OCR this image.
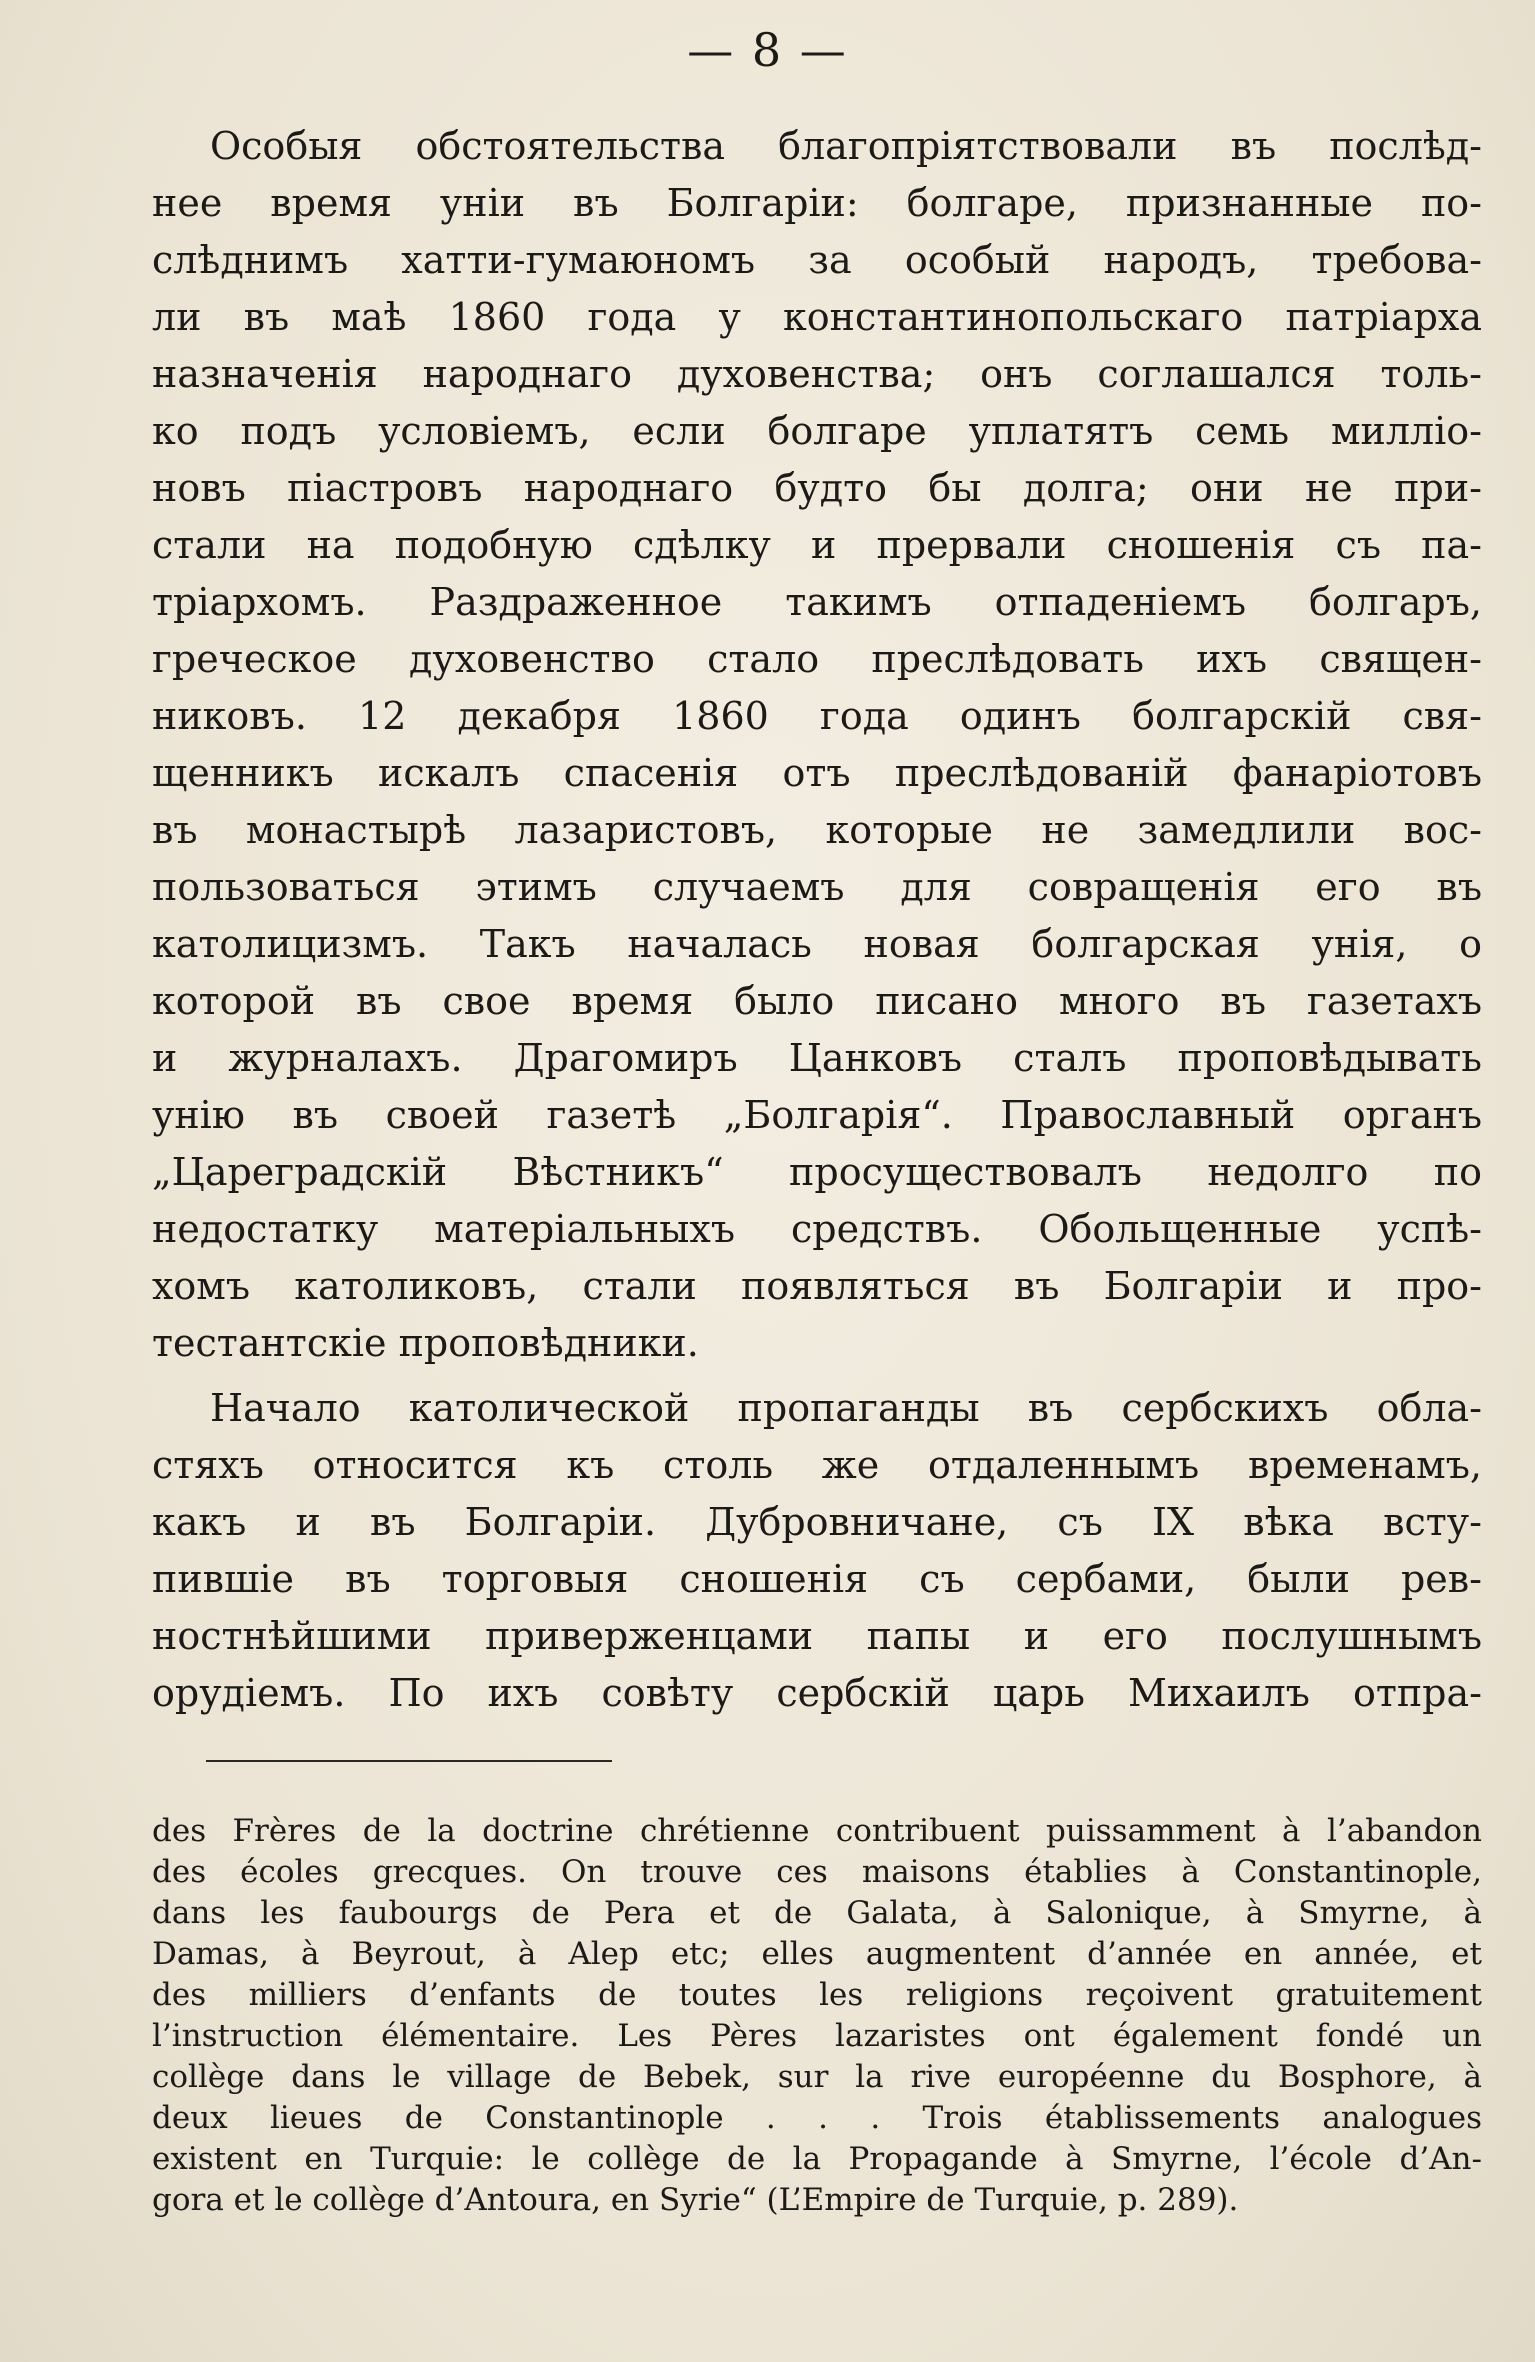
— 8 —
Особыя обстоятельства благопріятствовали въ послѣд-
нее время уніи въ Болгаріи: болгаре, признанные по-
слѣднимъ хатти-гумаюномъ за особый народъ, требова-
ли въ маѣ 1860 года у константинопольскаго патріарха
назначенія народнаго духовенства; онъ соглашался толь-
ко подъ условіемъ, если болгаре уплатятъ семь милліо-
новъ піастровъ народнаго будто бы долга; они не при-
стали на подобную сдѣлку и прервали сношенія съ па-
тріархомъ. Раздраженное такимъ отпаденіемъ болгаръ,
греческое духовенство стало преслѣдовать ихъ священ-
никовъ. 12 декабря 1860 года одинъ болгарскій свя-
щенникъ искалъ спасенія отъ преслѣдованій фанаріотовъ
въ монастырѣ лазаристовъ, которые не замедлили вос-
пользоваться этимъ случаемъ для совращенія его въ
католицизмъ. Такъ началась новая болгарская унія, о
которой въ свое время было писано много въ газетахъ
и журналахъ. Драгомиръ Цанковъ сталъ проповѣдывать
унію въ своей газетѣ „Болгарія“. Православный органъ
„Цареградскій Вѣстникъ“ просуществовалъ недолго по
недостатку матеріальныхъ средствъ. Обольщенные успѣ-
хомъ католиковъ, стали появляться въ Болгаріи и про-
тестантскіе проповѣдники.
Начало католической пропаганды въ сербскихъ обла-
стяхъ относится къ столь же отдаленнымъ временамъ,
какъ и въ Болгаріи. Дубровничане, съ IX вѣка всту-
пившіе въ торговыя сношенія съ сербами, были рев-
ностнѣйшими приверженцами папы и его послушнымъ
орудіемъ. По ихъ совѣту сербскій царь Михаилъ отпра-
des Frères de la doctrine chrétienne contribuent puissamment à l’abandon
des écoles grecques. On trouve ces maisons établies à Constantinople,
dans les faubourgs de Pera et de Galata, à Salonique, à Smyrne, à
Damas, à Beyrout, à Alep etc; elles augmentent d’année en année, et
des milliers d’enfants de toutes les religions reçoivent gratuitement
l’instruction élémentaire. Les Pères lazaristes ont également fondé un
collège dans le village de Bebek, sur la rive européenne du Bosphore, à
deux lieues de Constantinople . . . Trois établissements analogues
existent en Turquie: le collège de la Propagande à Smyrne, l’école d’An-
gora et le collège d’Antoura, en Syrie“ (L’Empire de Turquie, p. 289).
